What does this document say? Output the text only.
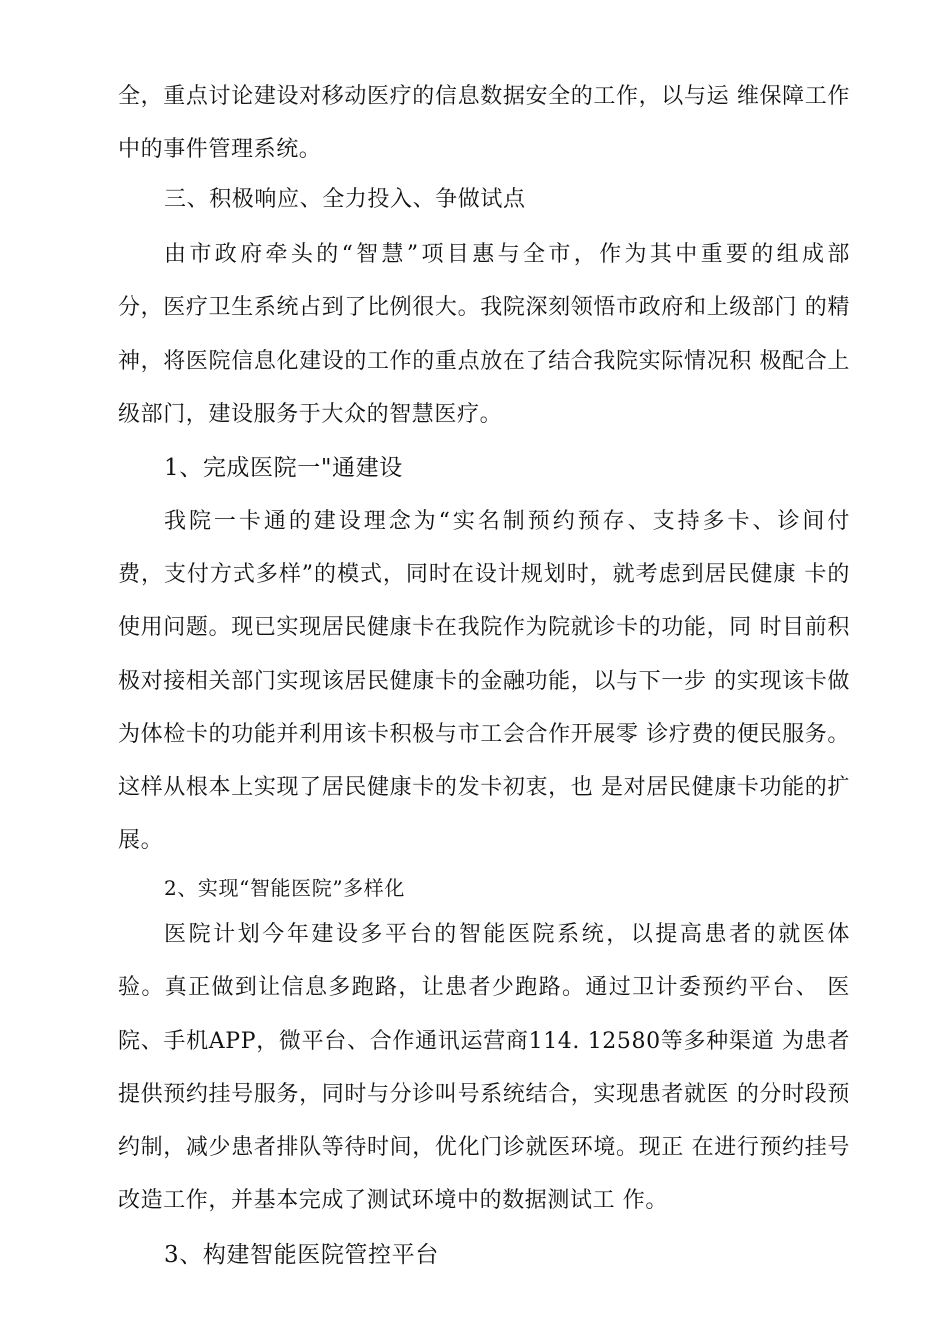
全，重点讨论建设对移动医疗的信息数据安全的工作，以与运 维保障工作
中的事件管理系统。
三、积极响应、全力投入、争做试点
由市政府牵头的“智慧”项目惠与全市，作为其中重要的组成部
分，医疗卫生系统占到了比例很大。我院深刻领悟市政府和上级部门 的精
神，将医院信息化建设的工作的重点放在了结合我院实际情况积 极配合上
级部门，建设服务于大众的智慧医疗。
1、完成医院一"通建设
我院一卡通的建设理念为“实名制预约预存、支持多卡、诊间付
费，支付方式多样”的模式，同时在设计规划时，就考虑到居民健康 卡的
使用问题。现已实现居民健康卡在我院作为院就诊卡的功能，同 时目前积
极对接相关部门实现该居民健康卡的金融功能，以与下一步 的实现该卡做
为体检卡的功能并利用该卡积极与市工会合作开展零 诊疗费的便民服务。
这样从根本上实现了居民健康卡的发卡初衷，也 是对居民健康卡功能的扩
展。
2、实现“智能医院”多样化
医院计划今年建设多平台的智能医院系统，以提高患者的就医体
验。真正做到让信息多跑路，让患者少跑路。通过卫计委预约平台、 医
院、手机APP，微平台、合作通讯运营商114. 12580等多种渠道 为患者
提供预约挂号服务，同时与分诊叫号系统结合，实现患者就医 的分时段预
约制，减少患者排队等待时间，优化门诊就医环境。现正 在进行预约挂号
改造工作，并基本完成了测试环境中的数据测试工 作。
3、构建智能医院管控平台
